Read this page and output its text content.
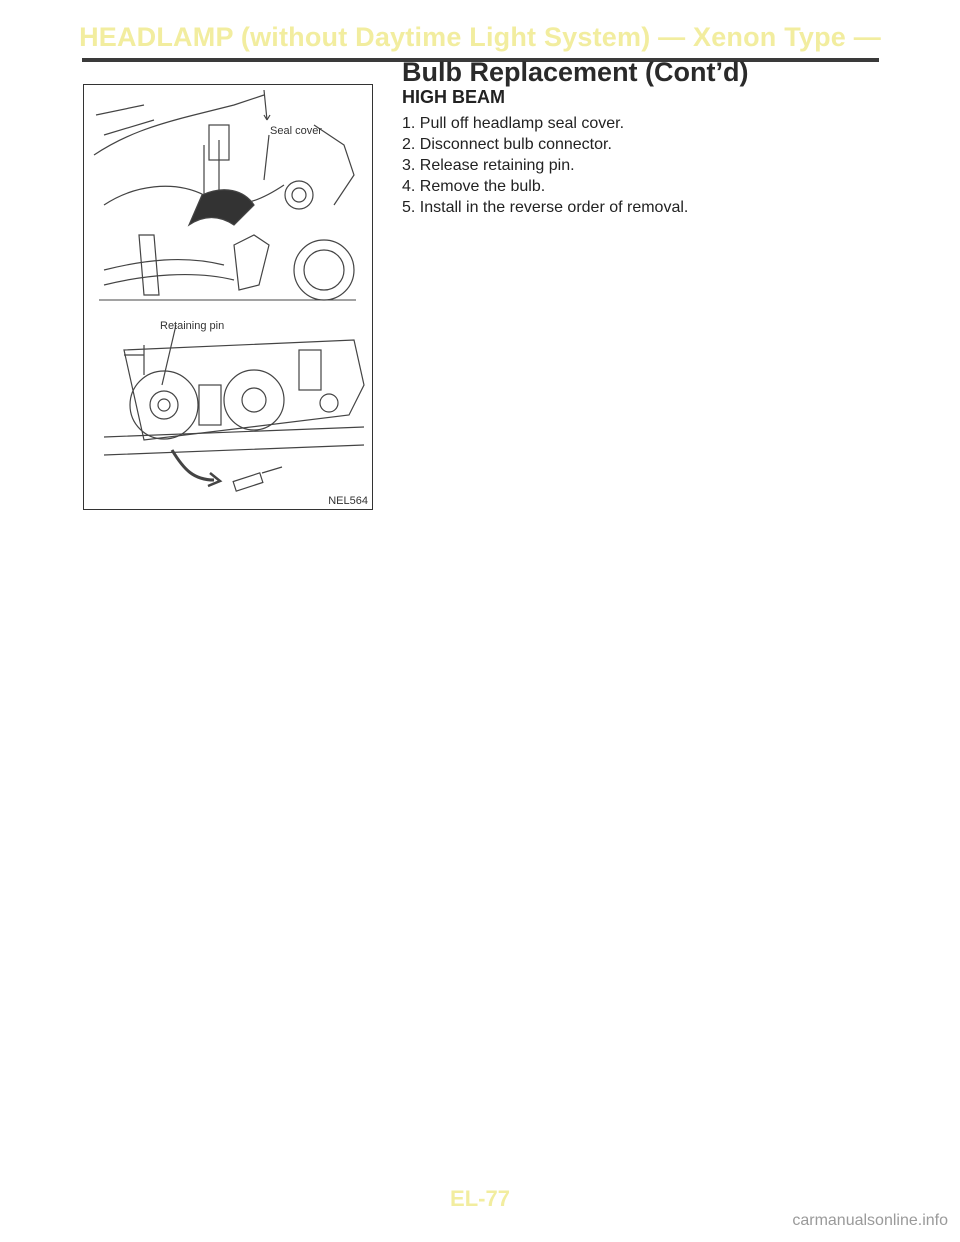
HEADLAMP (without Daytime Light System) — Xenon Type —
Bulb Replacement (Cont’d)
Seal cover
Retaining pin
NEL564
HIGH BEAM
1. Pull off headlamp seal cover.
2. Disconnect bulb connector.
3. Release retaining pin.
4. Remove the bulb.
5. Install in the reverse order of removal.
EL-77
carmanualsonline.info
